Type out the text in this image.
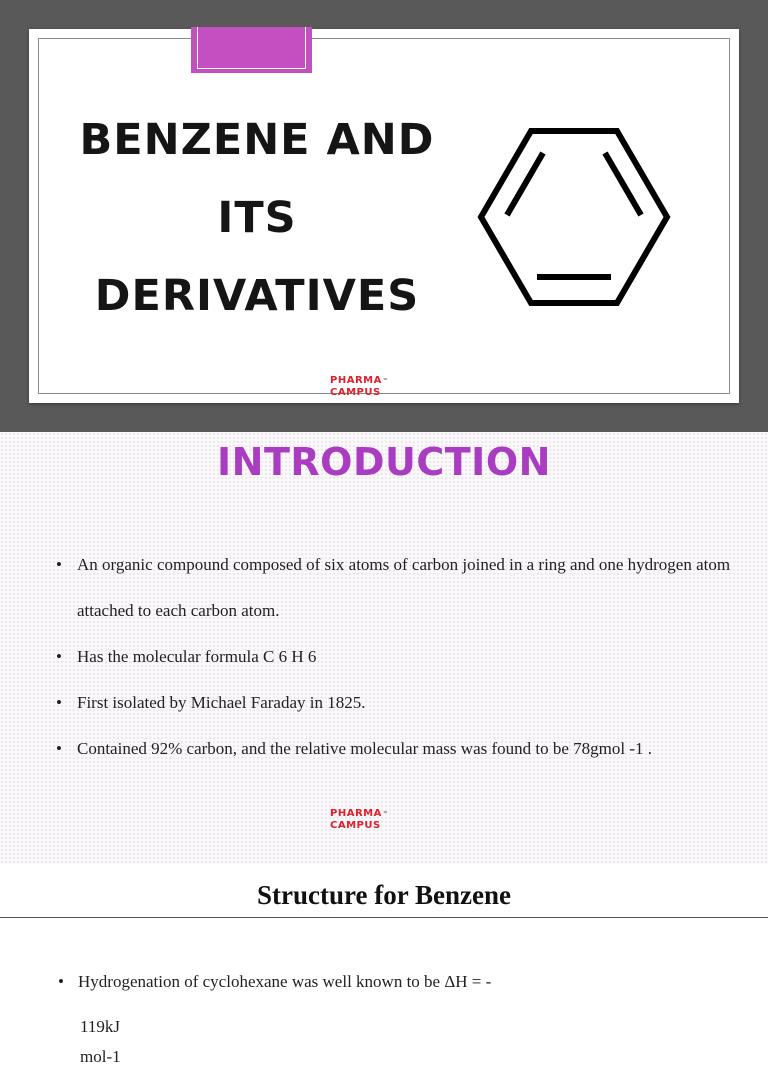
BENZENE AND
ITS
DERIVATIVES
PHARMA™
CAMPUS
INTRODUCTION
• An organic compound composed of six atoms of carbon joined in a ring and one hydrogen atom attached to each carbon atom.
• Has the molecular formula C 6 H 6
• First isolated by Michael Faraday in 1825.
• Contained 92% carbon, and the relative molecular mass was found to be 78gmol -1 .
PHARMA™
CAMPUS
Structure for Benzene
• Hydrogenation of cyclohexane was well known to be ΔH = -
119kJ mol-1
